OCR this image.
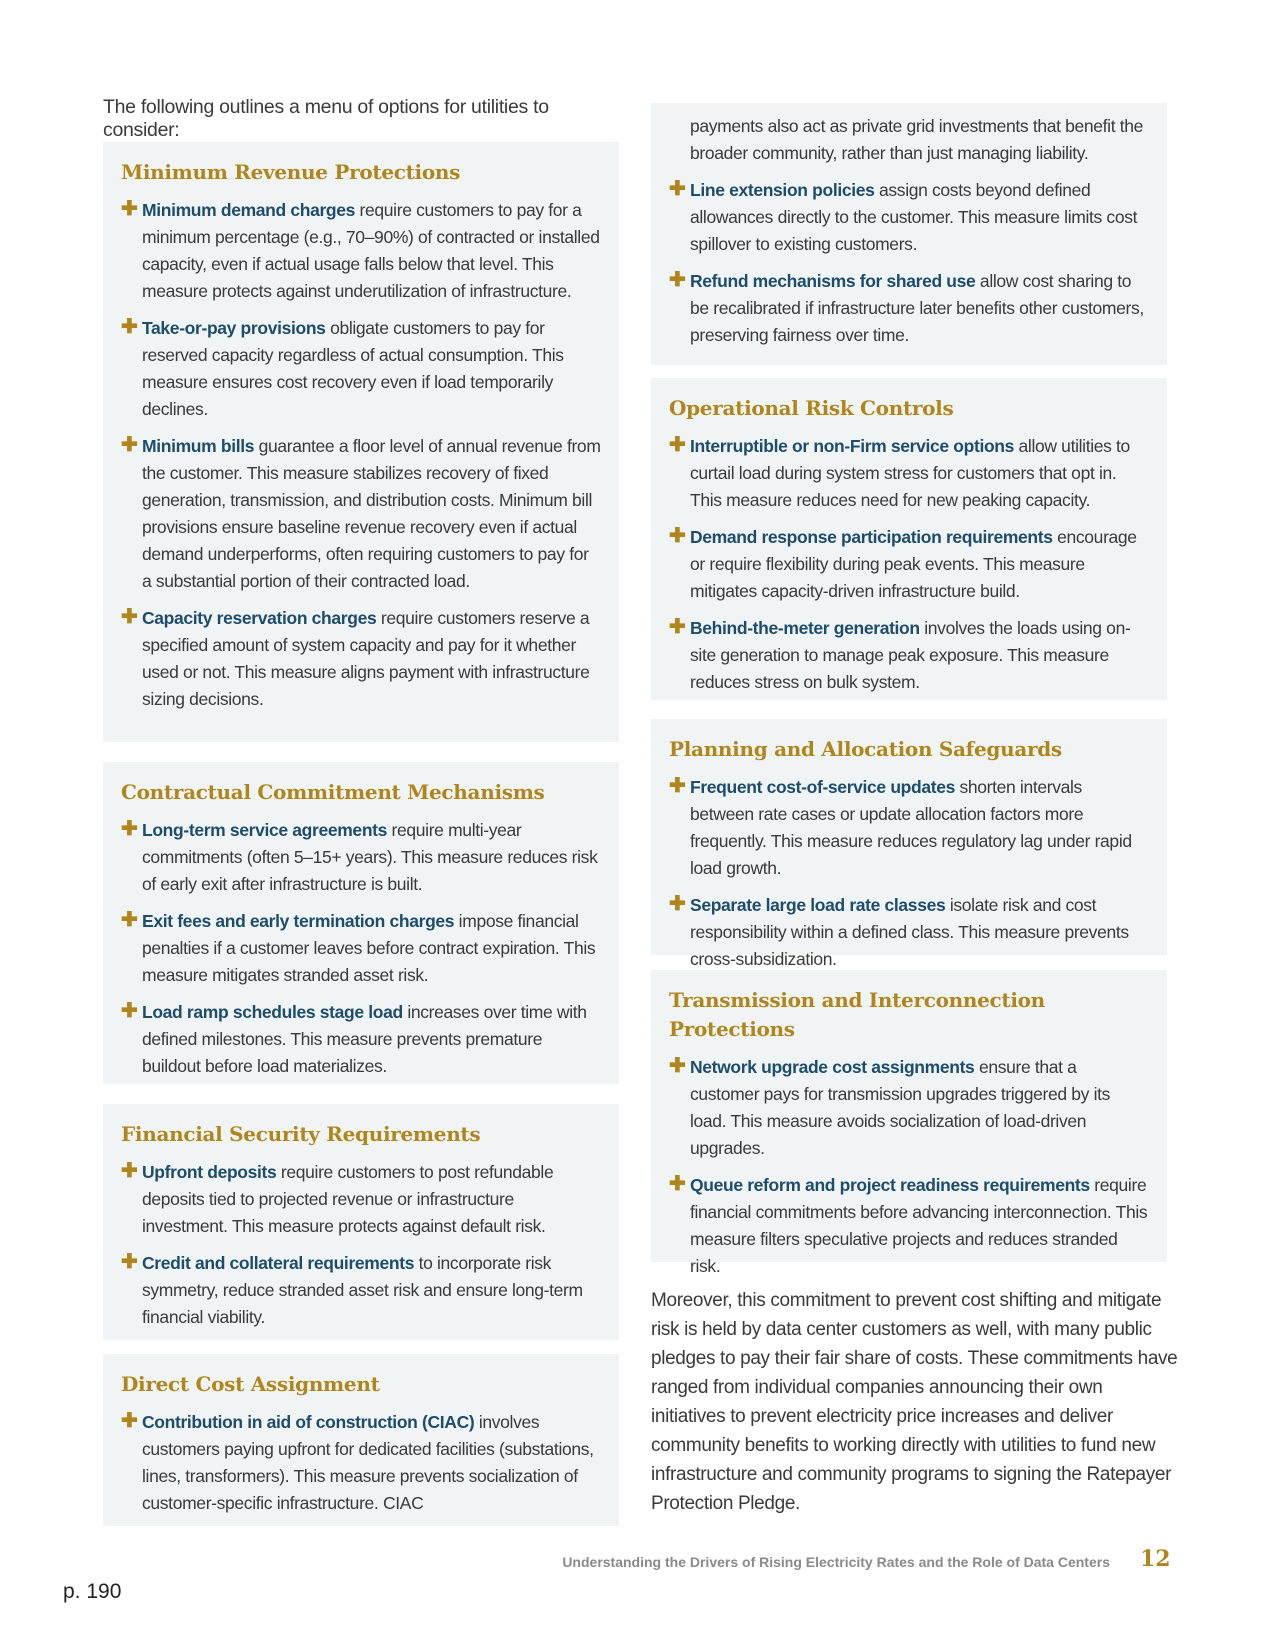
The following outlines a menu of options for utilities to consider:
Minimum Revenue Protections
✚ Minimum demand charges require customers to pay for a minimum percentage (e.g., 70–90%) of contracted or installed capacity, even if actual usage falls below that level. This measure protects against underutilization of infrastructure.
✚ Take-or-pay provisions obligate customers to pay for reserved capacity regardless of actual consumption. This measure ensures cost recovery even if load temporarily declines.
✚ Minimum bills guarantee a floor level of annual revenue from the customer. This measure stabilizes recovery of fixed generation, transmission, and distribution costs. Minimum bill provisions ensure baseline revenue recovery even if actual demand underperforms, often requiring customers to pay for a substantial portion of their contracted load.
✚ Capacity reservation charges require customers reserve a specified amount of system capacity and pay for it whether used or not. This measure aligns payment with infrastructure sizing decisions.
Contractual Commitment Mechanisms
✚ Long-term service agreements require multi-year commitments (often 5–15+ years). This measure reduces risk of early exit after infrastructure is built.
✚ Exit fees and early termination charges impose financial penalties if a customer leaves before contract expiration. This measure mitigates stranded asset risk.
✚ Load ramp schedules stage load increases over time with defined milestones. This measure prevents premature buildout before load materializes.
Financial Security Requirements
✚ Upfront deposits require customers to post refundable deposits tied to projected revenue or infrastructure investment. This measure protects against default risk.
✚ Credit and collateral requirements to incorporate risk symmetry, reduce stranded asset risk and ensure long-term financial viability.
Direct Cost Assignment
✚ Contribution in aid of construction (CIAC) involves customers paying upfront for dedicated facilities (substations, lines, transformers). This measure prevents socialization of customer-specific infrastructure. CIAC
payments also act as private grid investments that benefit the broader community, rather than just managing liability.
✚ Line extension policies assign costs beyond defined allowances directly to the customer. This measure limits cost spillover to existing customers.
✚ Refund mechanisms for shared use allow cost sharing to be recalibrated if infrastructure later benefits other customers, preserving fairness over time.
Operational Risk Controls
✚ Interruptible or non-Firm service options allow utilities to curtail load during system stress for customers that opt in. This measure reduces need for new peaking capacity.
✚ Demand response participation requirements encourage or require flexibility during peak events. This measure mitigates capacity-driven infrastructure build.
✚ Behind-the-meter generation involves the loads using on-site generation to manage peak exposure. This measure reduces stress on bulk system.
Planning and Allocation Safeguards
✚ Frequent cost-of-service updates shorten intervals between rate cases or update allocation factors more frequently. This measure reduces regulatory lag under rapid load growth.
✚ Separate large load rate classes isolate risk and cost responsibility within a defined class. This measure prevents cross-subsidization.
Transmission and Interconnection Protections
✚ Network upgrade cost assignments ensure that a customer pays for transmission upgrades triggered by its load. This measure avoids socialization of load-driven upgrades.
✚ Queue reform and project readiness requirements require financial commitments before advancing interconnection. This measure filters speculative projects and reduces stranded risk.
Moreover, this commitment to prevent cost shifting and mitigate risk is held by data center customers as well, with many public pledges to pay their fair share of costs. These commitments have ranged from individual companies announcing their own initiatives to prevent electricity price increases and deliver community benefits to working directly with utilities to fund new infrastructure and community programs to signing the Ratepayer Protection Pledge.
Understanding the Drivers of Rising Electricity Rates and the Role of Data Centers 12
p. 190
